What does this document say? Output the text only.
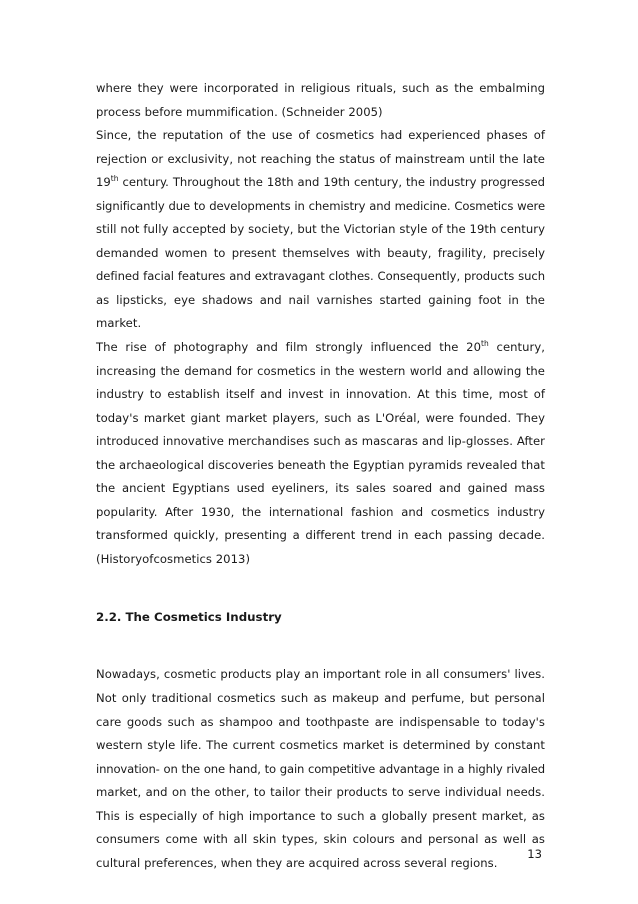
where they were incorporated in religious rituals, such as the embalming
process before mummification. (Schneider 2005)

Since, the reputation of the use of cosmetics had experienced phases of
rejection or exclusivity, not reaching the status of mainstream until the late
19th century. Throughout the 18th and 19th century, the industry progressed
significantly due to developments in chemistry and medicine. Cosmetics were
still not fully accepted by society, but the Victorian style of the 19th century
demanded women to present themselves with beauty, fragility, precisely
defined facial features and extravagant clothes. Consequently, products such
as lipsticks, eye shadows and nail varnishes started gaining foot in the
market.

The rise of photography and film strongly influenced the 20th century,
increasing the demand for cosmetics in the western world and allowing the
industry to establish itself and invest in innovation. At this time, most of
today's market giant market players, such as L'Oréal, were founded. They
introduced innovative merchandises such as mascaras and lip-glosses. After
the archaeological discoveries beneath the Egyptian pyramids revealed that
the ancient Egyptians used eyeliners, its sales soared and gained mass
popularity. After 1930, the international fashion and cosmetics industry
transformed quickly, presenting a different trend in each passing decade.
(Historyofcosmetics 2013)

2.2. The Cosmetics Industry

Nowadays, cosmetic products play an important role in all consumers' lives.
Not only traditional cosmetics such as makeup and perfume, but personal
care goods such as shampoo and toothpaste are indispensable to today's
western style life. The current cosmetics market is determined by constant
innovation- on the one hand, to gain competitive advantage in a highly rivaled
market, and on the other, to tailor their products to serve individual needs.
This is especially of high importance to such a globally present market, as
consumers come with all skin types, skin colours and personal as well as
cultural preferences, when they are acquired across several regions.

13
